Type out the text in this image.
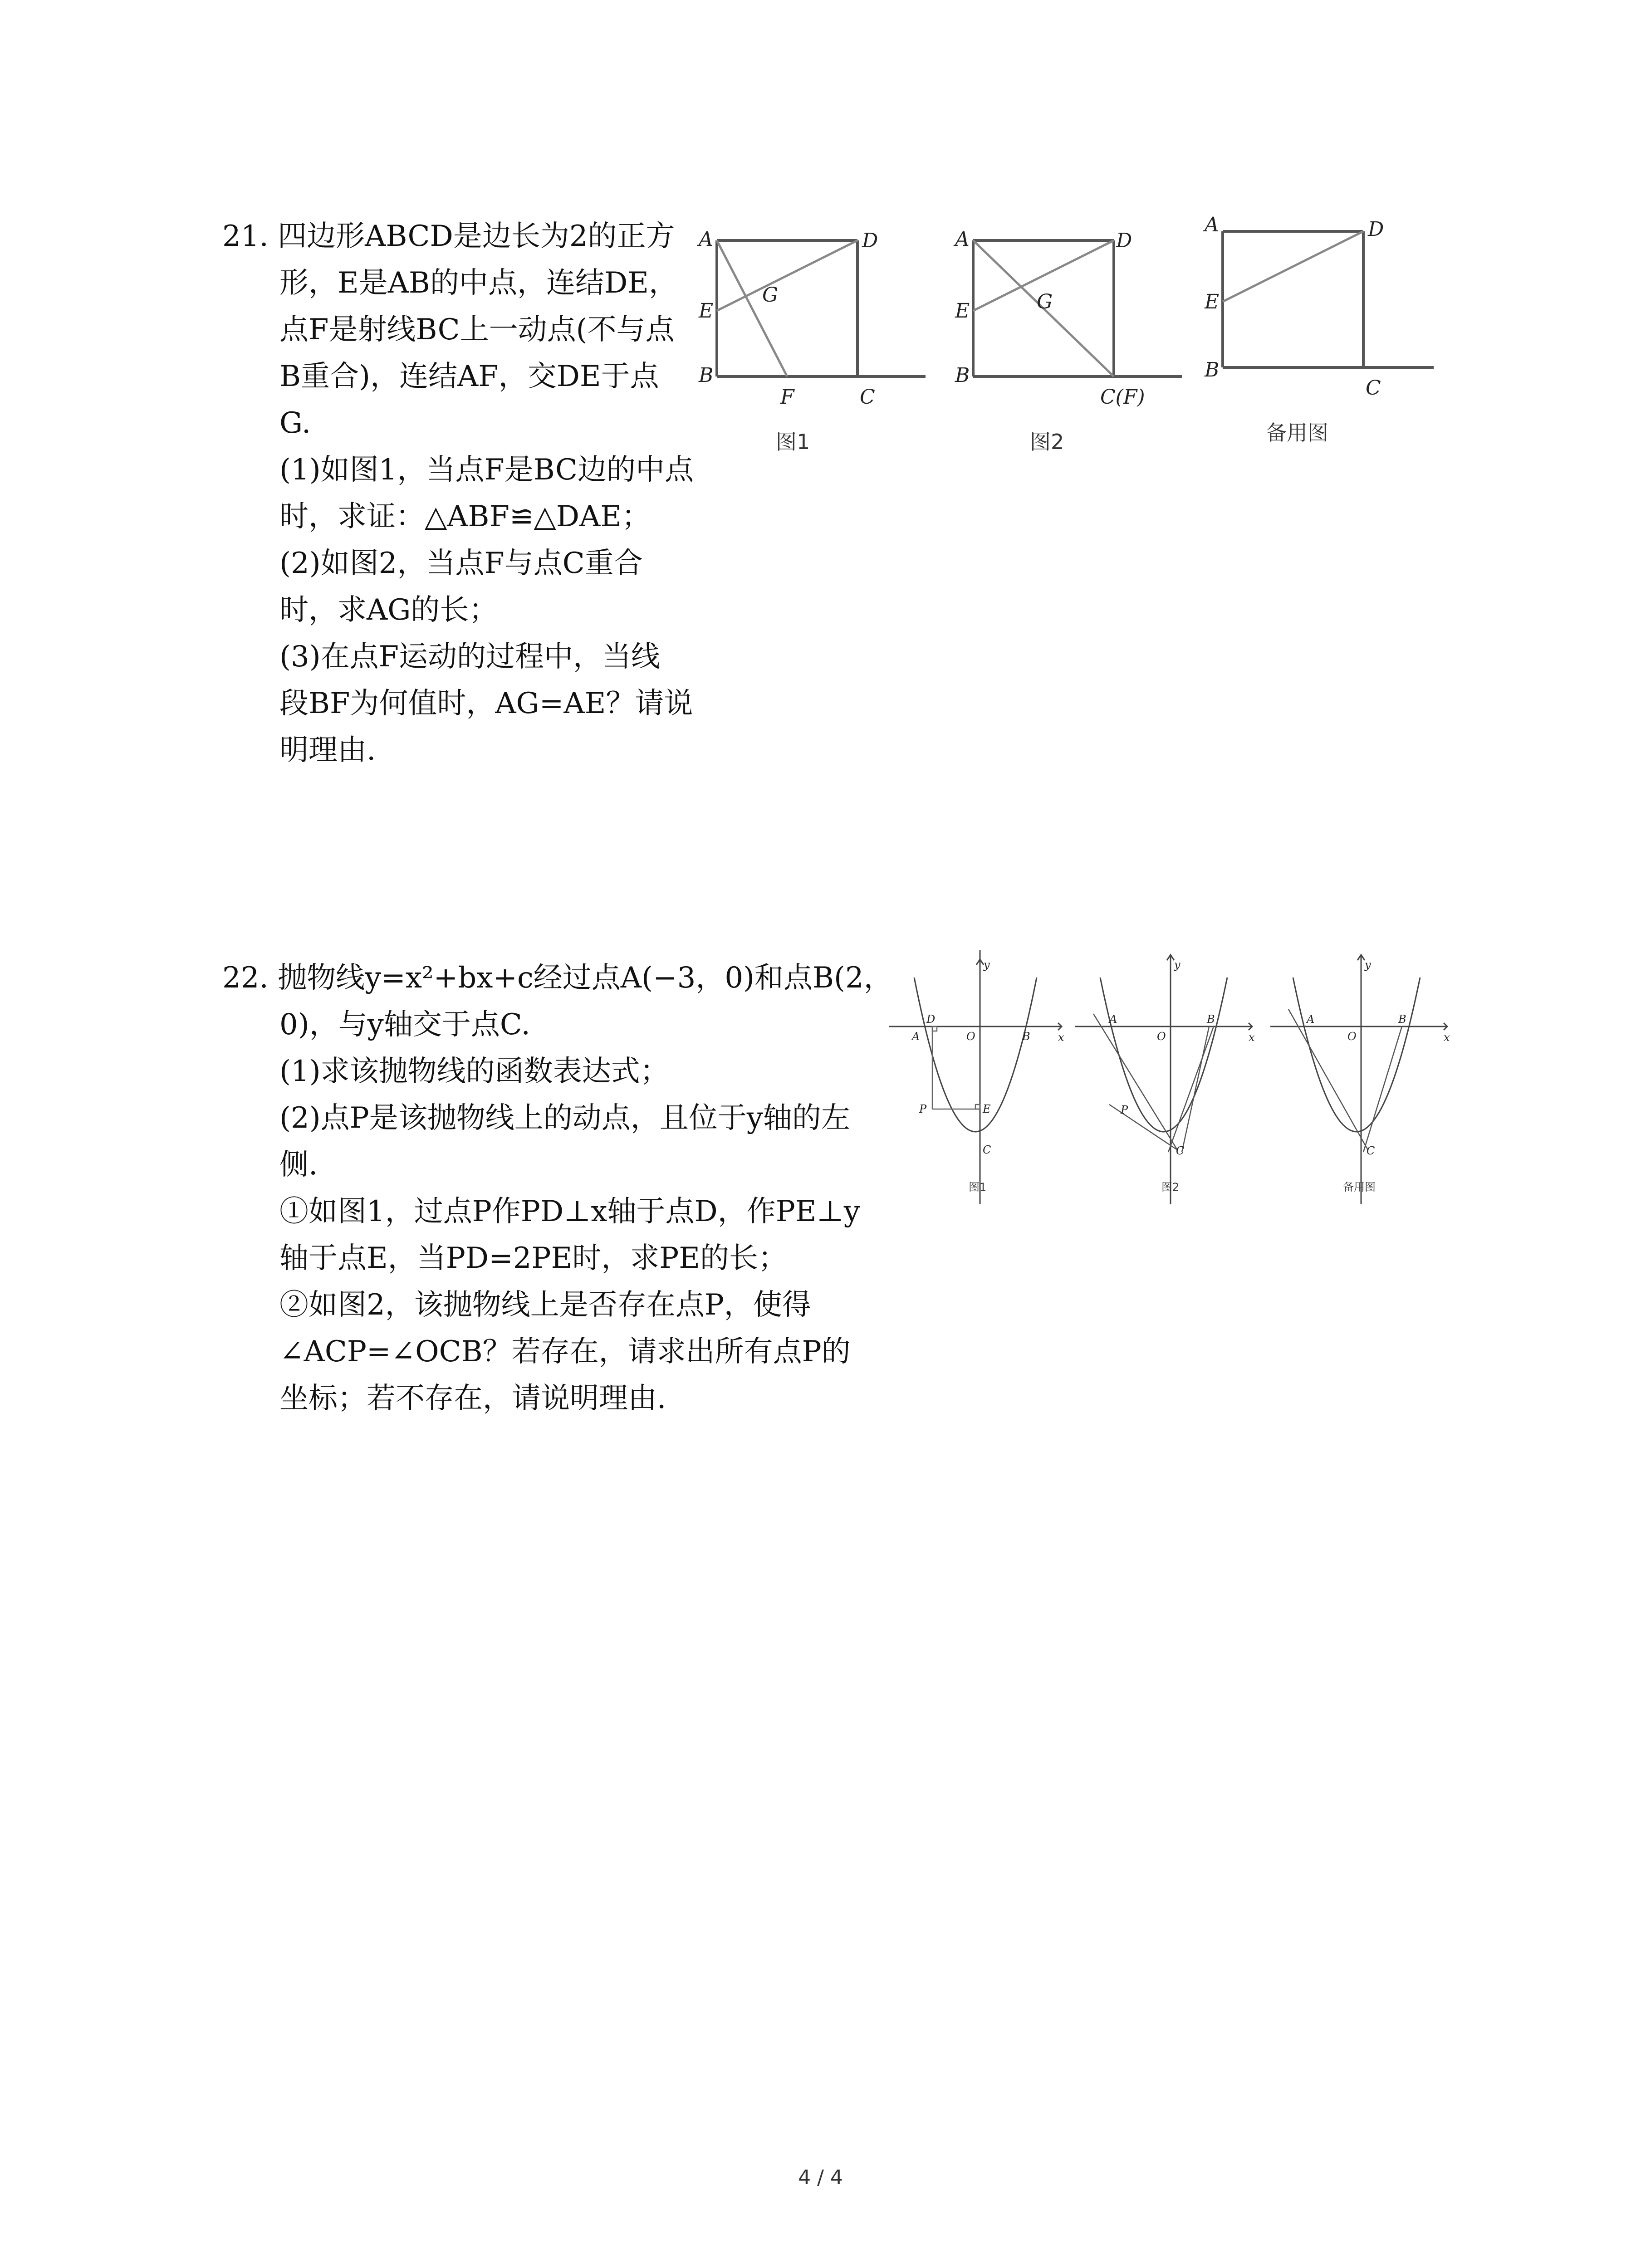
21. 四边形ABCD是边长为2的正方
形，E是AB的中点，连结DE，
点F是射线BC上一动点(不与点
B重合)，连结AF，交DE于点
G.
(1)如图1，当点F是BC边的中点
时，求证：△ABF≌△DAE；
(2)如图2，当点F与点C重合
时，求AG的长；
(3)在点F运动的过程中，当线
段BF为何值时，AG=AE？请说
明理由.
A
B
C
D
E
F
G
图1
A
B
D
E	G
C(F)
图2
A
B
C
D
E
备用图
22. 抛物线y=x²+bx+c经过点A(−3，0)和点B(2，
0)，与y轴交于点C.
(1)求该抛物线的函数表达式；
(2)点P是该抛物线上的动点，且位于y轴的左
侧.
①如图1，过点P作PD⊥x轴于点D，作PE⊥y
轴于点E，当PD=2PE时，求PE的长；
②如图2，该抛物线上是否存在点P，使得
∠ACP=∠OCB？若存在，请求出所有点P的
坐标；若不存在，请说明理由.
y
x
D
A	O	B
P	E
C
图1
y
x
A
O
B
P
C
图2
y
x
A
O
B
C
备用图
4 / 4
